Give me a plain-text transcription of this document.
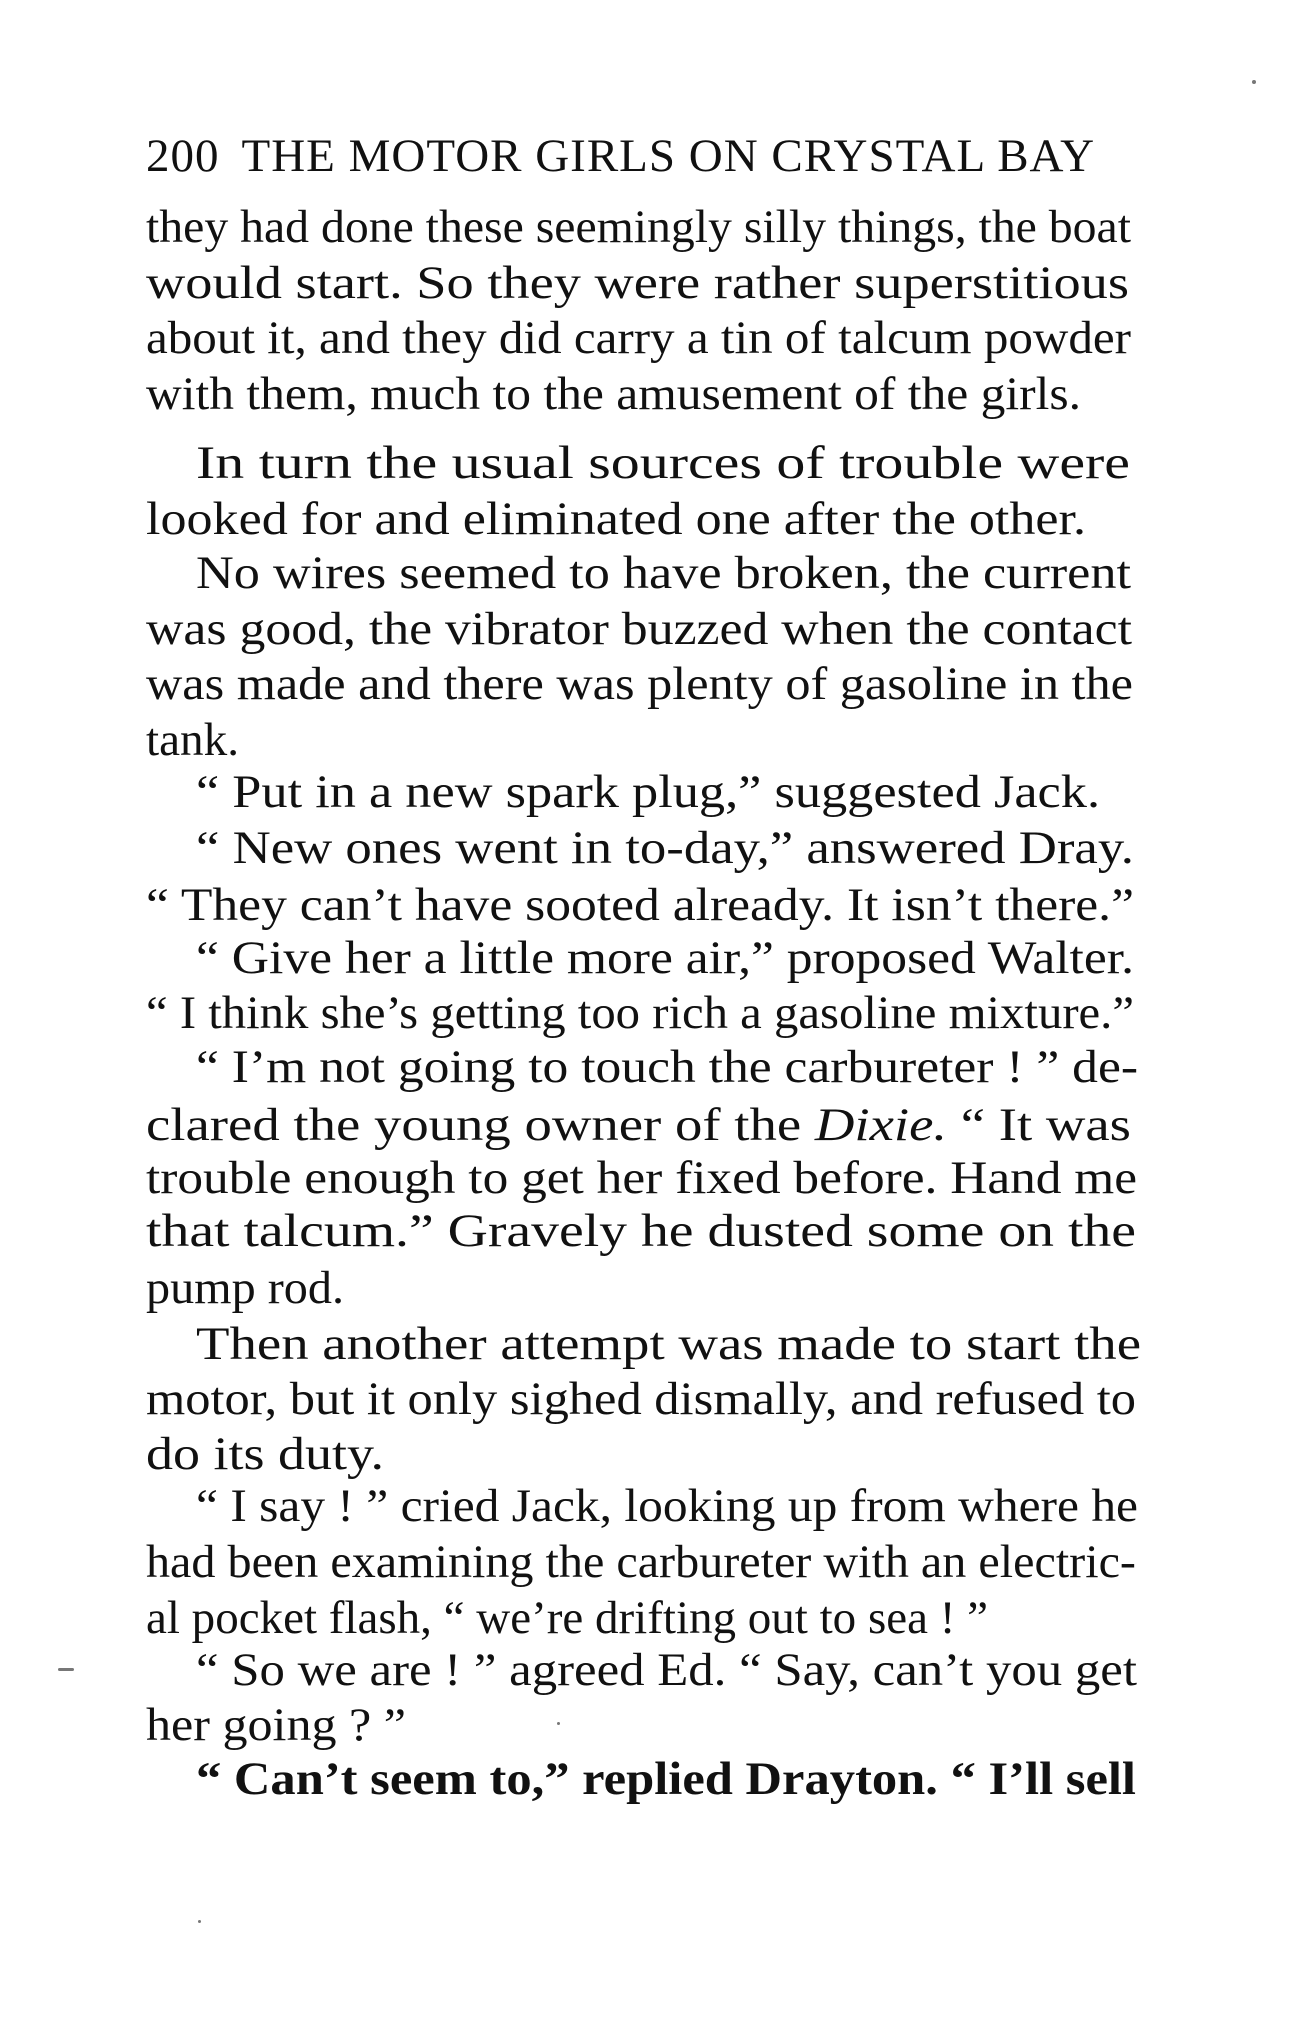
200 THE MOTOR GIRLS ON CRYSTAL BAY
they had done these seemingly silly things, the boat
would start. So they were rather superstitious
about it, and they did carry a tin of talcum powder
with them, much to the amusement of the girls.
In turn the usual sources of trouble were
looked for and eliminated one after the other.
No wires seemed to have broken, the current
was good, the vibrator buzzed when the contact
was made and there was plenty of gasoline in the
tank.
“ Put in a new spark plug,” suggested Jack.
“ New ones went in to-day,” answered Dray.
“ They can’t have sooted already. It isn’t there.”
“ Give her a little more air,” proposed Walter.
“ I think she’s getting too rich a gasoline mixture.”
“ I’m not going to touch the carbureter ! ” de-
clared the young owner of the Dixie. “ It was
trouble enough to get her fixed before. Hand me
that talcum.” Gravely he dusted some on the
pump rod.
Then another attempt was made to start the
motor, but it only sighed dismally, and refused to
do its duty.
“ I say ! ” cried Jack, looking up from where he
had been examining the carbureter with an electric-
al pocket flash, “ we’re drifting out to sea ! ”
“ So we are ! ” agreed Ed. “ Say, can’t you get
her going ? ”
“ Can’t seem to,” replied Drayton. “ I’ll sell
